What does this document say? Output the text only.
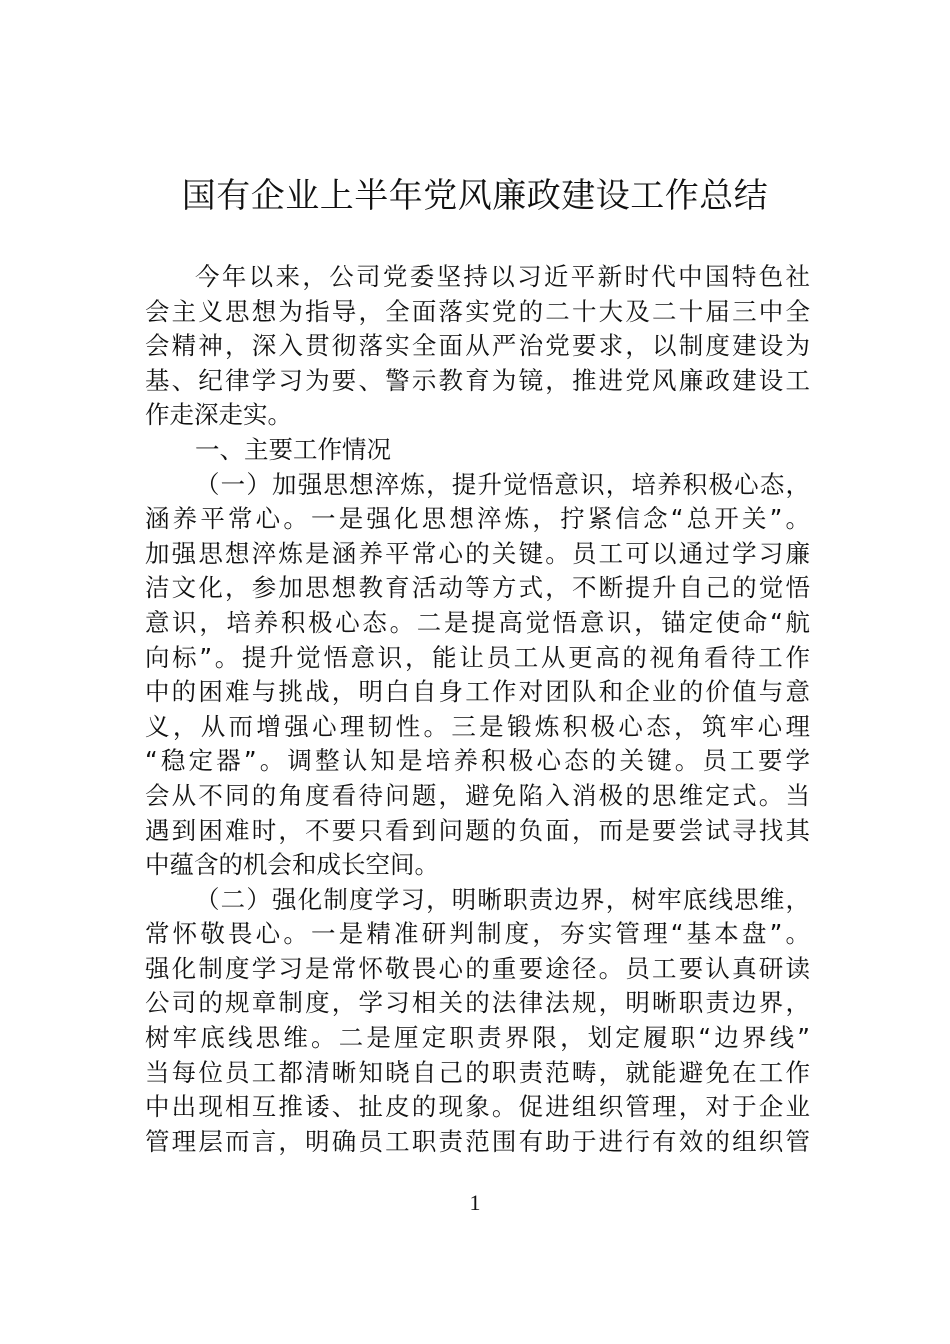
国有企业上半年党风廉政建设工作总结
今年以来，公司党委坚持以习近平新时代中国特色社
会主义思想为指导，全面落实党的二十大及二十届三中全
会精神，深入贯彻落实全面从严治党要求，以制度建设为
基、纪律学习为要、警示教育为镜，推进党风廉政建设工
作走深走实。
一、主要工作情况
（一）加强思想淬炼，提升觉悟意识，培养积极心态，
涵养平常心。一是强化思想淬炼，拧紧信念“总开关”。
加强思想淬炼是涵养平常心的关键。员工可以通过学习廉
洁文化，参加思想教育活动等方式，不断提升自己的觉悟
意识，培养积极心态。二是提高觉悟意识，锚定使命“航
向标”。提升觉悟意识，能让员工从更高的视角看待工作
中的困难与挑战，明白自身工作对团队和企业的价值与意
义，从而增强心理韧性。三是锻炼积极心态，筑牢心理
“稳定器”。调整认知是培养积极心态的关键。员工要学
会从不同的角度看待问题，避免陷入消极的思维定式。当
遇到困难时，不要只看到问题的负面，而是要尝试寻找其
中蕴含的机会和成长空间。
（二）强化制度学习，明晰职责边界，树牢底线思维，
常怀敬畏心。一是精准研判制度，夯实管理“基本盘”。
强化制度学习是常怀敬畏心的重要途径。员工要认真研读
公司的规章制度，学习相关的法律法规，明晰职责边界，
树牢底线思维。二是厘定职责界限，划定履职“边界线”
当每位员工都清晰知晓自己的职责范畴，就能避免在工作
中出现相互推诿、扯皮的现象。促进组织管理，对于企业
管理层而言，明确员工职责范围有助于进行有效的组织管
1
